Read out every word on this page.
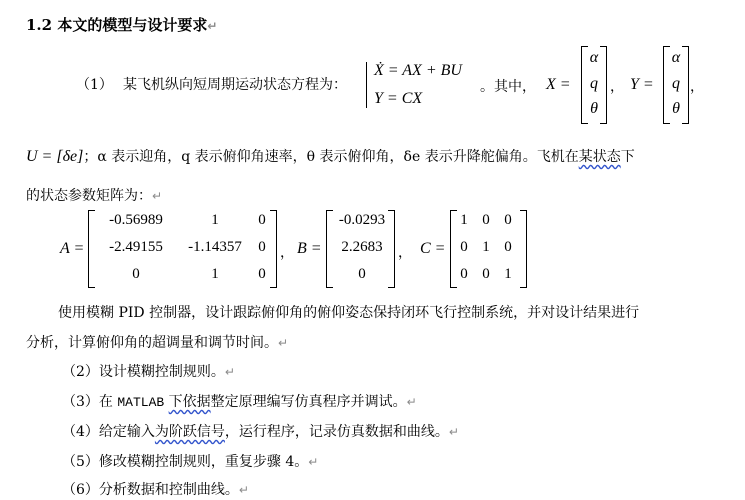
1.2 本文的模型与设计要求↵
（1） 某飞机纵向短周期运动状态方程为：
Ẋ = AX + BU
Y = CX
。其中， X =
α
q
θ
， Y =
α
q
θ
，
U = [δe]；α 表示迎角，q 表示俯仰角速率，θ 表示俯仰角，δe 表示升降舵偏角。飞机在某状态下
的状态参数矩阵为：↵
A =
-0.56989	1	0
-2.49155	-1.14357	0
0	1	0
， B =
-0.0293
2.2683
0
， C =
1 0 0
0 1 0
0 0 1
使用模糊 PID 控制器，设计跟踪俯仰角的俯仰姿态保持闭环飞行控制系统，并对设计结果进行
分析，计算俯仰角的超调量和调节时间。↵
（2）设计模糊控制规则。↵
（3）在 MATLAB 下依据整定原理编写仿真程序并调试。↵
（4）给定输入为阶跃信号，运行程序，记录仿真数据和曲线。↵
（5）修改模糊控制规则，重复步骤 4。↵
（6）分析数据和控制曲线。↵
